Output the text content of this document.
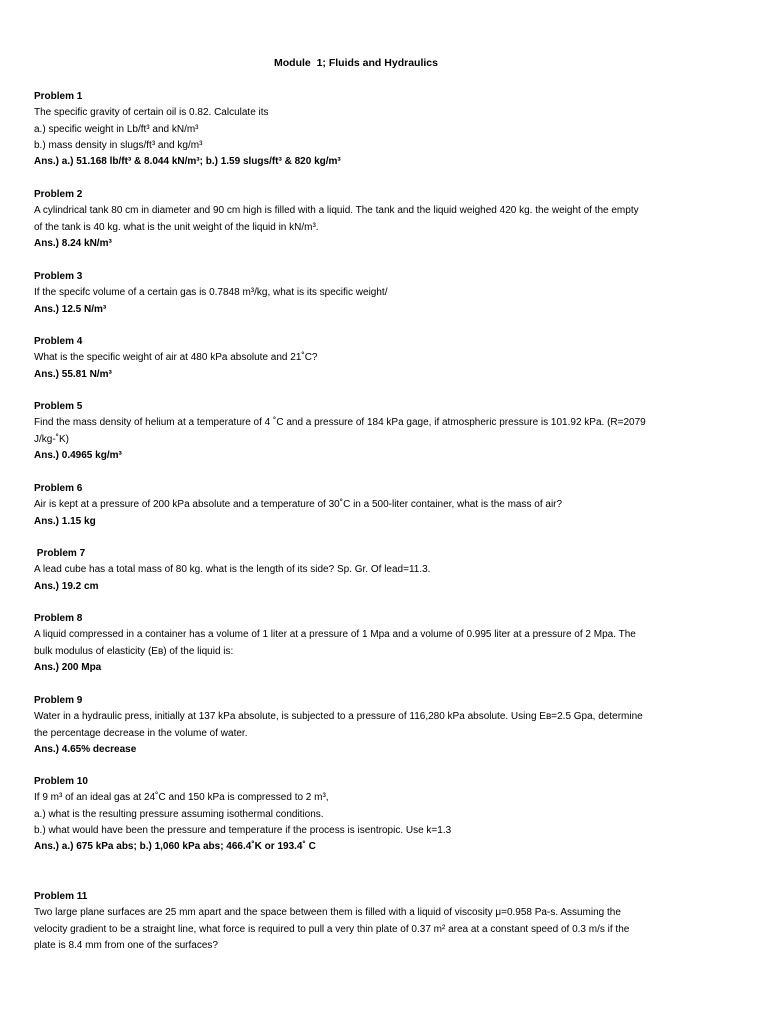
Module  1; Fluids and Hydraulics
Problem 1
The specific gravity of certain oil is 0.82. Calculate its
a.) specific weight in Lb/ft³ and kN/m³
b.) mass density in slugs/ft³ and kg/m³
Ans.) a.) 51.168 lb/ft³ & 8.044 kN/m³; b.) 1.59 slugs/ft³ & 820 kg/m³
Problem 2
A cylindrical tank 80 cm in diameter and 90 cm high is filled with a liquid. The tank and the liquid weighed 420 kg. the weight of the empty
of the tank is 40 kg. what is the unit weight of the liquid in kN/m³.
Ans.) 8.24 kN/m³
Problem 3
If the specifc volume of a certain gas is 0.7848 m³/kg, what is its specific weight/
Ans.) 12.5 N/m³
Problem 4
What is the specific weight of air at 480 kPa absolute and 21˚C?
Ans.) 55.81 N/m³
Problem 5
Find the mass density of helium at a temperature of 4 ˚C and a pressure of 184 kPa gage, if atmospheric pressure is 101.92 kPa. (R=2079
J/kg-˚K)
Ans.) 0.4965 kg/m³
Problem 6
Air is kept at a pressure of 200 kPa absolute and a temperature of 30˚C in a 500-liter container, what is the mass of air?
Ans.) 1.15 kg
Problem 7
A lead cube has a total mass of 80 kg. what is the length of its side? Sp. Gr. Of lead=11.3.
Ans.) 19.2 cm
Problem 8
A liquid compressed in a container has a volume of 1 liter at a pressure of 1 Mpa and a volume of 0.995 liter at a pressure of 2 Mpa. The
bulk modulus of elasticity (Eв) of the liquid is:
Ans.) 200 Mpa
Problem 9
Water in a hydraulic press, initially at 137 kPa absolute, is subjected to a pressure of 116,280 kPa absolute. Using Eв=2.5 Gpa, determine
the percentage decrease in the volume of water.
Ans.) 4.65% decrease
Problem 10
If 9 m³ of an ideal gas at 24˚C and 150 kPa is compressed to 2 m³,
a.) what is the resulting pressure assuming isothermal conditions.
b.) what would have been the pressure and temperature if the process is isentropic. Use k=1.3
Ans.) a.) 675 kPa abs; b.) 1,060 kPa abs; 466.4˚K or 193.4˚ C
Problem 11
Two large plane surfaces are 25 mm apart and the space between them is filled with a liquid of viscosity μ=0.958 Pa-s. Assuming the
velocity gradient to be a straight line, what force is required to pull a very thin plate of 0.37 m² area at a constant speed of 0.3 m/s if the
plate is 8.4 mm from one of the surfaces?
